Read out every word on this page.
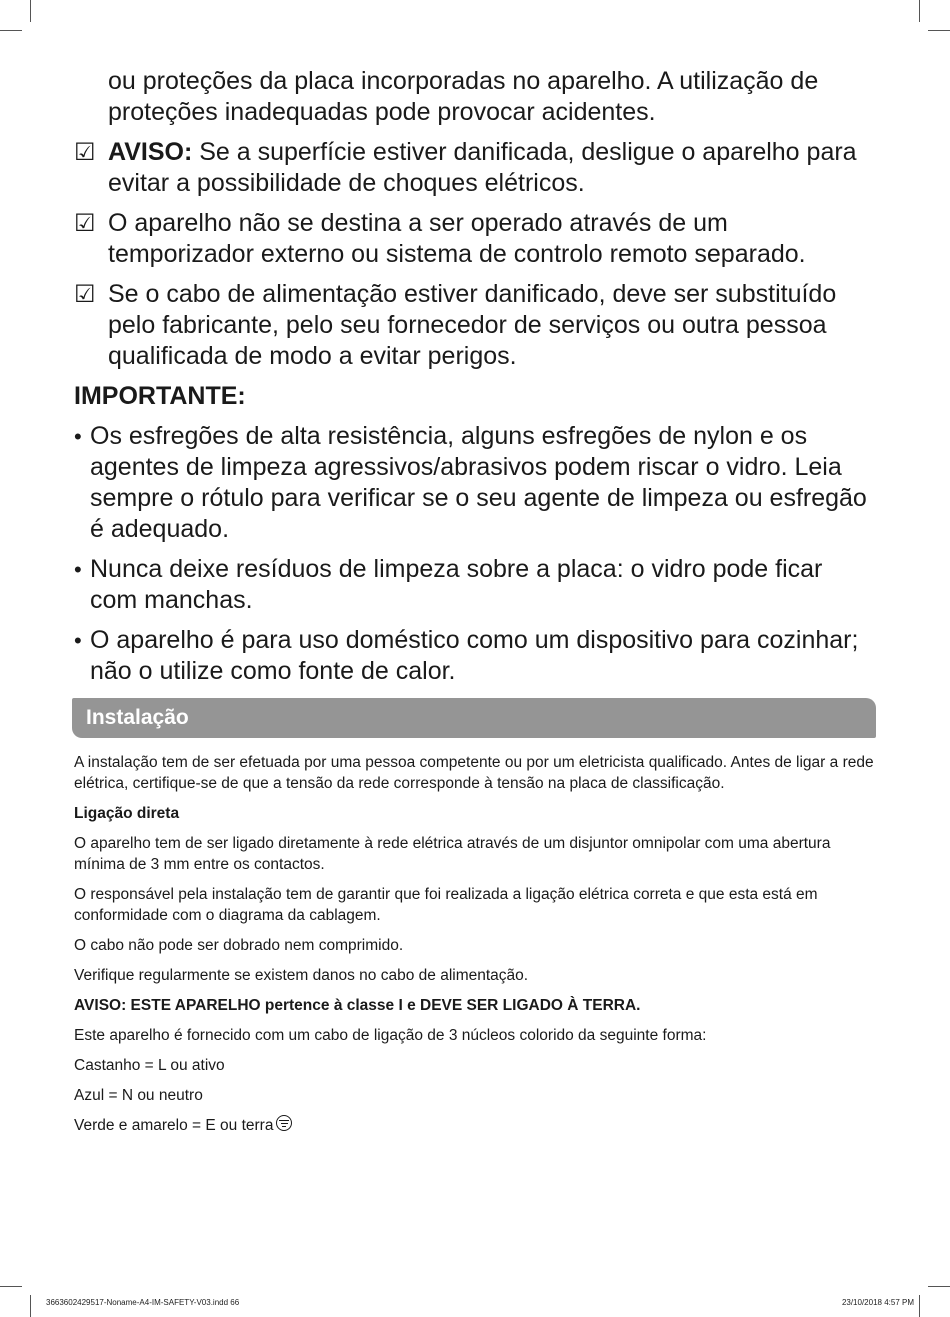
ou proteções da placa incorporadas no aparelho. A utilização de proteções inadequadas pode provocar acidentes.
☑ AVISO: Se a superfície estiver danificada, desligue o aparelho para evitar a possibilidade de choques elétricos.
☑ O aparelho não se destina a ser operado através de um temporizador externo ou sistema de controlo remoto separado.
☑ Se o cabo de alimentação estiver danificado, deve ser substituído pelo fabricante, pelo seu fornecedor de serviços ou outra pessoa qualificada de modo a evitar perigos.
IMPORTANTE:
• Os esfregões de alta resistência, alguns esfregões de nylon e os agentes de limpeza agressivos/abrasivos podem riscar o vidro. Leia sempre o rótulo para verificar se o seu agente de limpeza ou esfregão é adequado.
• Nunca deixe resíduos de limpeza sobre a placa: o vidro pode ficar com manchas.
• O aparelho é para uso doméstico como um dispositivo para cozinhar; não o utilize como fonte de calor.
Instalação

A instalação tem de ser efetuada por uma pessoa competente ou por um eletricista qualificado. Antes de ligar a rede elétrica, certifique-se de que a tensão da rede corresponde à tensão na placa de classificação.

Ligação direta

O aparelho tem de ser ligado diretamente à rede elétrica através de um disjuntor omnipolar com uma abertura mínima de 3 mm entre os contactos.

O responsável pela instalação tem de garantir que foi realizada a ligação elétrica correta e que esta está em conformidade com o diagrama da cablagem.

O cabo não pode ser dobrado nem comprimido.

Verifique regularmente se existem danos no cabo de alimentação.

AVISO: ESTE APARELHO pertence à classe I e DEVE SER LIGADO À TERRA.

Este aparelho é fornecido com um cabo de ligação de 3 núcleos colorido da seguinte forma:

Castanho = L ou ativo

Azul = N ou neutro

Verde e amarelo = E ou terra

3663602429517-Noname-A4-IM-SAFETY-V03.indd 66	23/10/2018 4:57 PM
